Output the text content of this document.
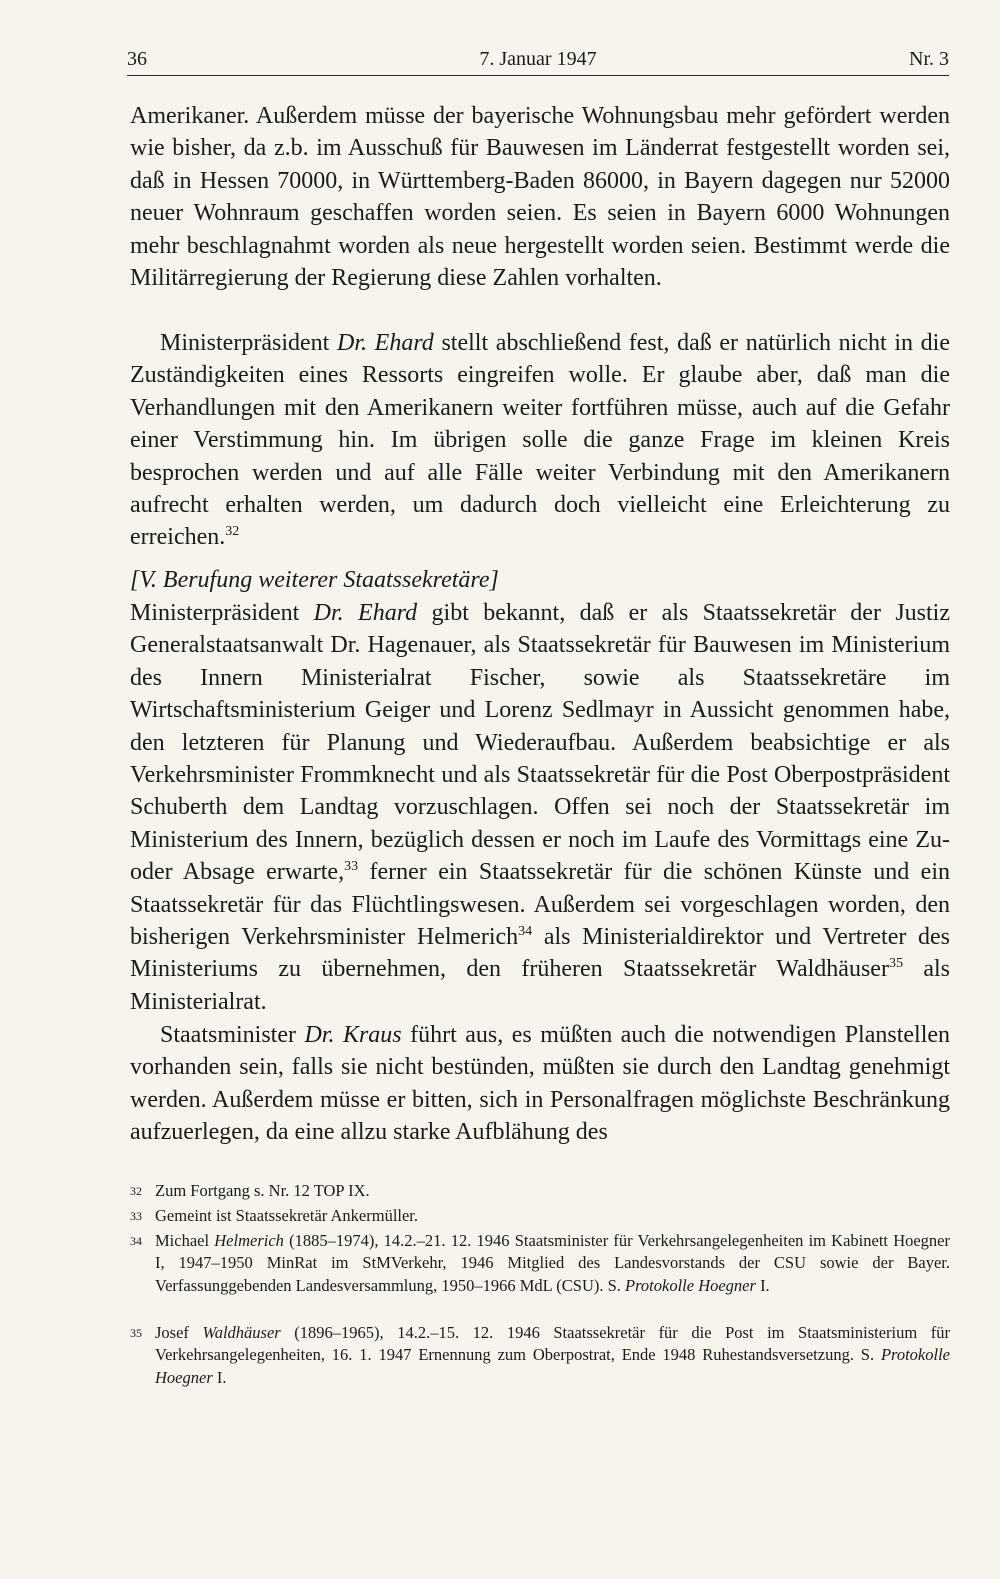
36	7. Januar 1947	Nr. 3

Amerikaner. Außerdem müsse der bayerische Wohnungsbau mehr gefördert werden wie bisher, da z.b. im Ausschuß für Bauwesen im Länderrat festgestellt worden sei, daß in Hessen 70000, in Württemberg-Baden 86000, in Bayern dagegen nur 52000 neuer Wohnraum geschaffen worden seien. Es seien in Bayern 6000 Wohnungen mehr beschlagnahmt worden als neue hergestellt worden seien. Bestimmt werde die Militärregierung der Regierung diese Zahlen vorhalten.

Ministerpräsident Dr. Ehard stellt abschließend fest, daß er natürlich nicht in die Zuständigkeiten eines Ressorts eingreifen wolle. Er glaube aber, daß man die Verhandlungen mit den Amerikanern weiter fortführen müsse, auch auf die Gefahr einer Verstimmung hin. Im übrigen solle die ganze Frage im kleinen Kreis besprochen werden und auf alle Fälle weiter Verbindung mit den Amerikanern aufrecht erhalten werden, um dadurch doch vielleicht eine Erleichterung zu erreichen.$^{32}$

[V. Berufung weiterer Staatssekretäre]

Ministerpräsident Dr. Ehard gibt bekannt, daß er als Staatssekretär der Justiz Generalstaatsanwalt Dr. Hagenauer, als Staatssekretär für Bauwesen im Ministerium des Innern Ministerialrat Fischer, sowie als Staatssekretäre im Wirtschaftsministerium Geiger und Lorenz Sedlmayr in Aussicht genommen habe, den letzteren für Planung und Wiederaufbau. Außerdem beabsichtige er als Verkehrsminister Frommknecht und als Staatssekretär für die Post Oberpostpräsident Schuberth dem Landtag vorzuschlagen. Offen sei noch der Staatssekretär im Ministerium des Innern, bezüglich dessen er noch im Laufe des Vormittags eine Zu- oder Absage erwarte,$^{33}$ ferner ein Staatssekretär für die schönen Künste und ein Staatssekretär für das Flüchtlingswesen. Außerdem sei vorgeschlagen worden, den bisherigen Verkehrsminister Helmerich$^{34}$ als Ministerialdirektor und Vertreter des Ministeriums zu übernehmen, den früheren Staatssekretär Waldhäuser$^{35}$ als Ministerialrat.

Staatsminister Dr. Kraus führt aus, es müßten auch die notwendigen Planstellen vorhanden sein, falls sie nicht bestünden, müßten sie durch den Landtag genehmigt werden. Außerdem müsse er bitten, sich in Personalfragen möglichste Beschränkung aufzuerlegen, da eine allzu starke Aufblähung des

32 Zum Fortgang s. Nr. 12 TOP IX.

33 Gemeint ist Staatssekretär Ankermüller.

34 Michael Helmerich (1885–1974), 14.2.–21. 12. 1946 Staatsminister für Verkehrsangelegenheiten im Kabinett Hoegner I, 1947–1950 MinRat im StMVerkehr, 1946 Mitglied des Landesvorstands der CSU sowie der Bayer. Verfassunggebenden Landesversammlung, 1950–1966 MdL (CSU). S. Protokolle Hoegner I.

35 Josef Waldhäuser (1896–1965), 14.2.–15. 12. 1946 Staatssekretär für die Post im Staatsministerium für Verkehrsangelegenheiten, 16. 1. 1947 Ernennung zum Oberpostrat, Ende 1948 Ruhestandsversetzung. S. Protokolle Hoegner I.
